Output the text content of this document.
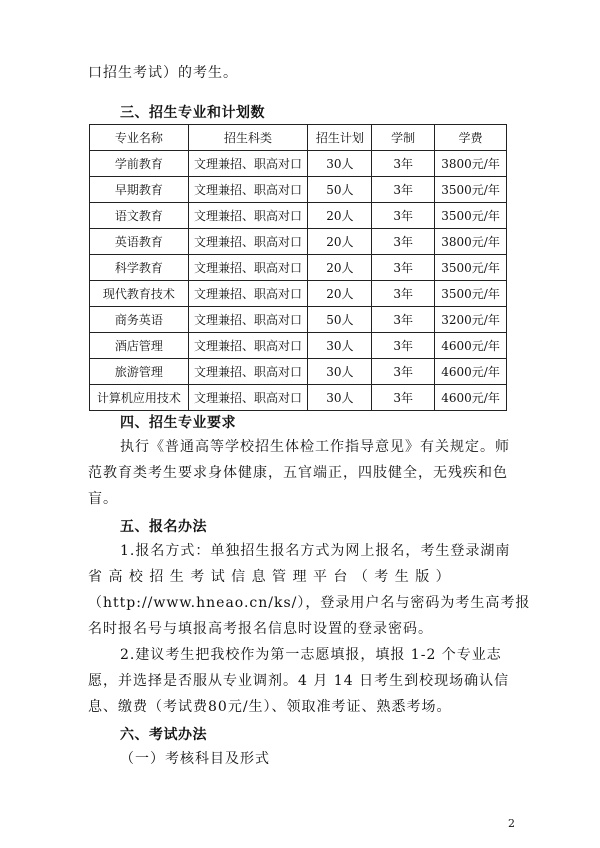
口招生考试）的考生。
三、招生专业和计划数
专业名称	招生科类	招生计划	学制	学费
学前教育	文理兼招、职高对口	30人	3年	3800元/年
早期教育	文理兼招、职高对口	50人	3年	3500元/年
语文教育	文理兼招、职高对口	20人	3年	3500元/年
英语教育	文理兼招、职高对口	20人	3年	3800元/年
科学教育	文理兼招、职高对口	20人	3年	3500元/年
现代教育技术	文理兼招、职高对口	20人	3年	3500元/年
商务英语	文理兼招、职高对口	50人	3年	3200元/年
酒店管理	文理兼招、职高对口	30人	3年	4600元/年
旅游管理	文理兼招、职高对口	30人	3年	4600元/年
计算机应用技术	文理兼招、职高对口	30人	3年	4600元/年
四、招生专业要求
执行《普通高等学校招生体检工作指导意见》有关规定。师
范教育类考生要求身体健康，五官端正，四肢健全，无残疾和色
盲。
五、报名办法
1.报名方式：单独招生报名方式为网上报名，考生登录湖南
省 高 校 招 生 考 试 信 息 管 理 平 台 （ 考 生 版 ）
（http://www.hneao.cn/ks/），登录用户名与密码为考生高考报
名时报名号与填报高考报名信息时设置的登录密码。
2.建议考生把我校作为第一志愿填报，填报 1-2 个专业志
愿，并选择是否服从专业调剂。4 月 14 日考生到校现场确认信
息、缴费（考试费80元/生）、领取准考证、熟悉考场。
六、考试办法
（一）考核科目及形式
2
